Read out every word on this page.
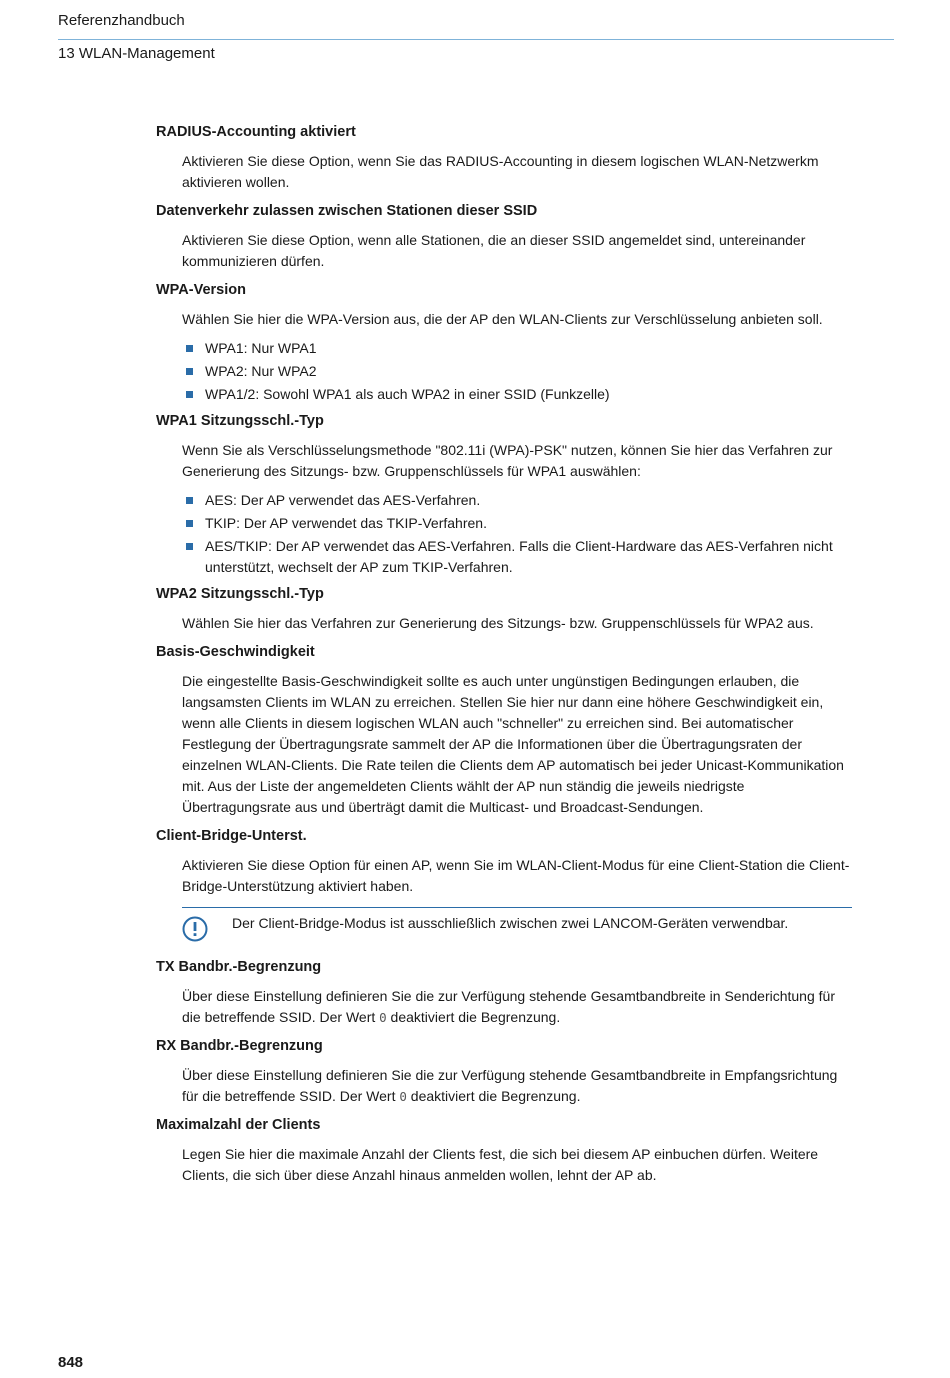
Referenzhandbuch
13 WLAN-Management
RADIUS-Accounting aktiviert

Aktivieren Sie diese Option, wenn Sie das RADIUS-Accounting in diesem logischen WLAN-Netzwerkm aktivieren wollen.

Datenverkehr zulassen zwischen Stationen dieser SSID

Aktivieren Sie diese Option, wenn alle Stationen, die an dieser SSID angemeldet sind, untereinander kommunizieren dürfen.

WPA-Version

Wählen Sie hier die WPA-Version aus, die der AP den WLAN-Clients zur Verschlüsselung anbieten soll.

WPA1: Nur WPA1
WPA2: Nur WPA2
WPA1/2: Sowohl WPA1 als auch WPA2 in einer SSID (Funkzelle)
WPA1 Sitzungsschl.-Typ

Wenn Sie als Verschlüsselungsmethode "802.11i (WPA)-PSK" nutzen, können Sie hier das Verfahren zur Generierung des Sitzungs- bzw. Gruppenschlüssels für WPA1 auswählen:

AES: Der AP verwendet das AES-Verfahren.
TKIP: Der AP verwendet das TKIP-Verfahren.
AES/TKIP: Der AP verwendet das AES-Verfahren. Falls die Client-Hardware das AES-Verfahren nicht unterstützt, wechselt der AP zum TKIP-Verfahren.
WPA2 Sitzungsschl.-Typ

Wählen Sie hier das Verfahren zur Generierung des Sitzungs- bzw. Gruppenschlüssels für WPA2 aus.

Basis-Geschwindigkeit

Die eingestellte Basis-Geschwindigkeit sollte es auch unter ungünstigen Bedingungen erlauben, die langsamsten Clients im WLAN zu erreichen. Stellen Sie hier nur dann eine höhere Geschwindigkeit ein, wenn alle Clients in diesem logischen WLAN auch "schneller" zu erreichen sind. Bei automatischer Festlegung der Übertragungsrate sammelt der AP die Informationen über die Übertragungsraten der einzelnen WLAN-Clients. Die Rate teilen die Clients dem AP automatisch bei jeder Unicast-Kommunikation mit. Aus der Liste der angemeldeten Clients wählt der AP nun ständig die jeweils niedrigste Übertragungsrate aus und überträgt damit die Multicast- und Broadcast-Sendungen.

Client-Bridge-Unterst.

Aktivieren Sie diese Option für einen AP, wenn Sie im WLAN-Client-Modus für eine Client-Station die Client-Bridge-Unterstützung aktiviert haben.

Der Client-Bridge-Modus ist ausschließlich zwischen zwei LANCOM-Geräten verwendbar.
TX Bandbr.-Begrenzung

Über diese Einstellung definieren Sie die zur Verfügung stehende Gesamtbandbreite in Senderichtung für die betreffende SSID. Der Wert 0 deaktiviert die Begrenzung.

RX Bandbr.-Begrenzung

Über diese Einstellung definieren Sie die zur Verfügung stehende Gesamtbandbreite in Empfangsrichtung für die betreffende SSID. Der Wert 0 deaktiviert die Begrenzung.

Maximalzahl der Clients

Legen Sie hier die maximale Anzahl der Clients fest, die sich bei diesem AP einbuchen dürfen. Weitere Clients, die sich über diese Anzahl hinaus anmelden wollen, lehnt der AP ab.

848
